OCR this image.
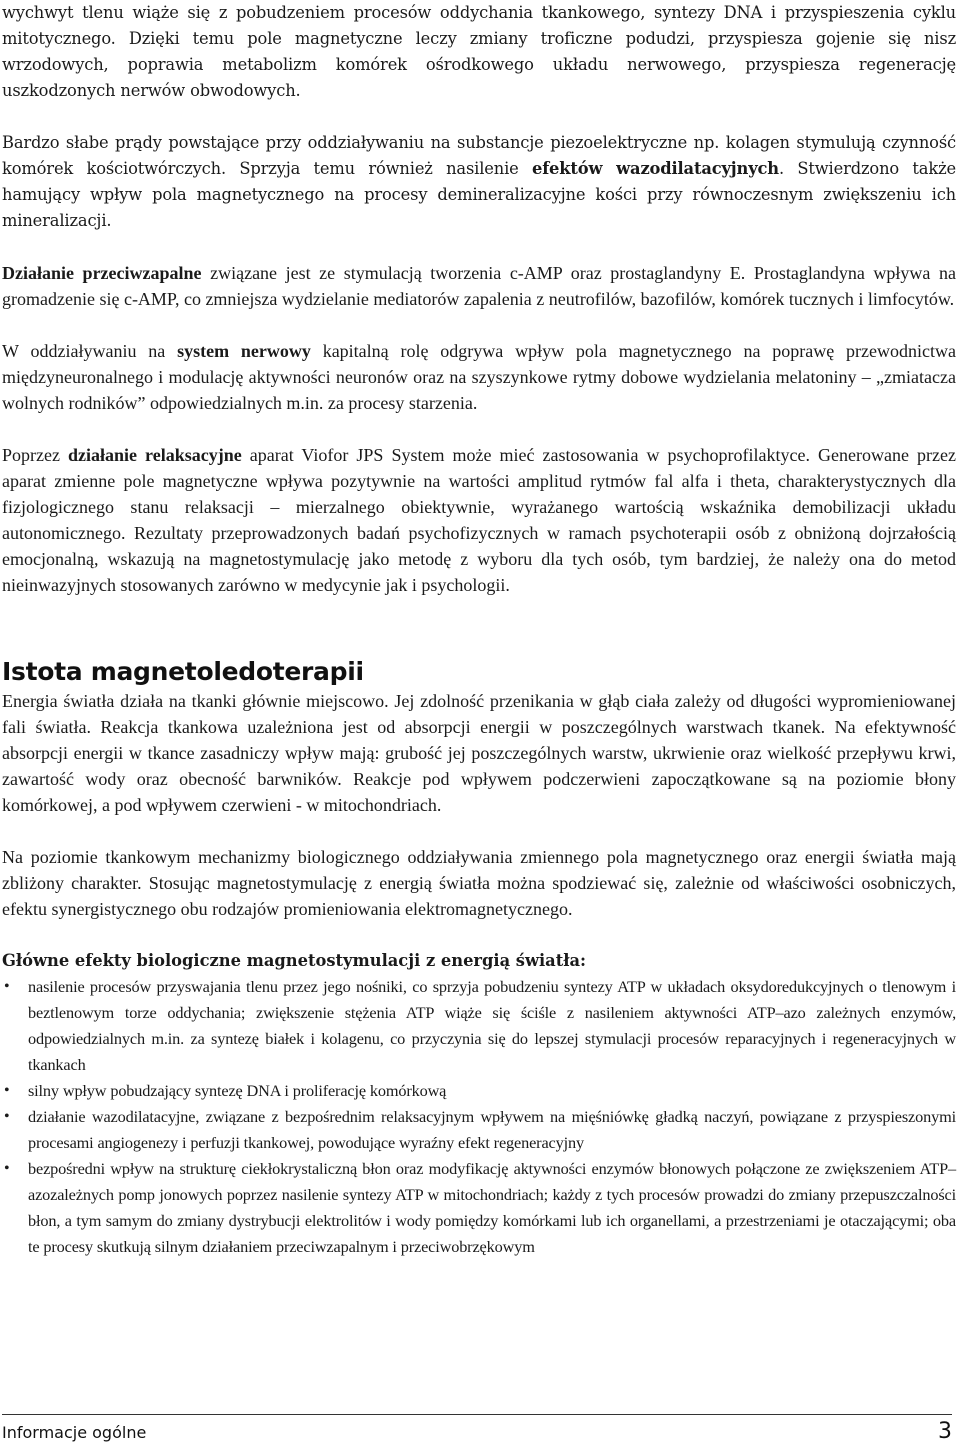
wychwyt tlenu wiąże się z pobudzeniem procesów oddychania tkankowego, syntezy DNA i przyspieszenia cyklu mitotycznego. Dzięki temu pole magnetyczne leczy zmiany troficzne podudzi, przyspiesza gojenie się nisz wrzodowych, poprawia metabolizm komórek ośrodkowego układu nerwowego, przyspiesza regenerację uszkodzonych nerwów obwodowych.

Bardzo słabe prądy powstające przy oddziaływaniu na substancje piezoelektryczne np. kolagen stymulują czynność komórek kościotwórczych. Sprzyja temu również nasilenie efektów wazodilatacyjnych. Stwierdzono także hamujący wpływ pola magnetycznego na procesy demineralizacyjne kości przy równoczesnym zwiększeniu ich mineralizacji.

Działanie przeciwzapalne związane jest ze stymulacją tworzenia c-AMP oraz prostaglandyny E. Prostaglandyna wpływa na gromadzenie się c-AMP, co zmniejsza wydzielanie mediatorów zapalenia z neutrofilów, bazofilów, komórek tucznych i limfocytów.

W oddziaływaniu na system nerwowy kapitalną rolę odgrywa wpływ pola magnetycznego na poprawę przewodnictwa międzyneuronalnego i modulację aktywności neuronów oraz na szyszynkowe rytmy dobowe wydzielania melatoniny – „zmiatacza wolnych rodników” odpowiedzialnych m.in. za procesy starzenia.

Poprzez działanie relaksacyjne aparat Viofor JPS System może mieć zastosowania w psychoprofilaktyce. Generowane przez aparat zmienne pole magnetyczne wpływa pozytywnie na wartości amplitud rytmów fal alfa i theta, charakterystycznych dla fizjologicznego stanu relaksacji – mierzalnego obiektywnie, wyrażanego wartością wskaźnika demobilizacji układu autonomicznego. Rezultaty przeprowadzonych badań psychofizycznych w ramach psychoterapii osób z obniżoną dojrzałością emocjonalną, wskazują na magnetostymulację jako metodę z wyboru dla tych osób, tym bardziej, że należy ona do metod nieinwazyjnych stosowanych zarówno w medycynie jak i psychologii.

Istota magnetoledoterapii

Energia światła działa na tkanki głównie miejscowo. Jej zdolność przenikania w głąb ciała zależy od długości wypromieniowanej fali światła. Reakcja tkankowa uzależniona jest od absorpcji energii w poszczególnych warstwach tkanek. Na efektywność absorpcji energii w tkance zasadniczy wpływ mają: grubość jej poszczególnych warstw, ukrwienie oraz wielkość przepływu krwi, zawartość wody oraz obecność barwników. Reakcje pod wpływem podczerwieni zapoczątkowane są na poziomie błony komórkowej, a pod wpływem czerwieni - w mitochondriach.

Na poziomie tkankowym mechanizmy biologicznego oddziaływania zmiennego pola magnetycznego oraz energii światła mają zbliżony charakter. Stosując magnetostymulację z energią światła można spodziewać się, zależnie od właściwości osobniczych, efektu synergistycznego obu rodzajów promieniowania elektromagnetycznego.

Główne efekty biologiczne magnetostymulacji z energią światła:
• nasilenie procesów przyswajania tlenu przez jego nośniki, co sprzyja pobudzeniu syntezy ATP w układach oksydoredukcyjnych o tlenowym i beztlenowym torze oddychania; zwiększenie stężenia ATP wiąże się ściśle z nasileniem aktywności ATP–azo zależnych enzymów, odpowiedzialnych m.in. za syntezę białek i kolagenu, co przyczynia się do lepszej stymulacji procesów reparacyjnych i regeneracyjnych w tkankach
• silny wpływ pobudzający syntezę DNA i proliferację komórkową
• działanie wazodilatacyjne, związane z bezpośrednim relaksacyjnym wpływem na mięśniówkę gładką naczyń, powiązane z przyspieszonymi procesami angiogenezy i perfuzji tkankowej, powodujące wyraźny efekt regeneracyjny
• bezpośredni wpływ na strukturę ciekłokrystaliczną błon oraz modyfikację aktywności enzymów błonowych połączone ze zwiększeniem ATP–azozależnych pomp jonowych poprzez nasilenie syntezy ATP w mitochondriach; każdy z tych procesów prowadzi do zmiany przepuszczalności błon, a tym samym do zmiany dystrybucji elektrolitów i wody pomiędzy komórkami lub ich organellami, a przestrzeniami je otaczającymi; oba te procesy skutkują silnym działaniem przeciwzapalnym i przeciwobrzękowym
Informacje ogólne	3
